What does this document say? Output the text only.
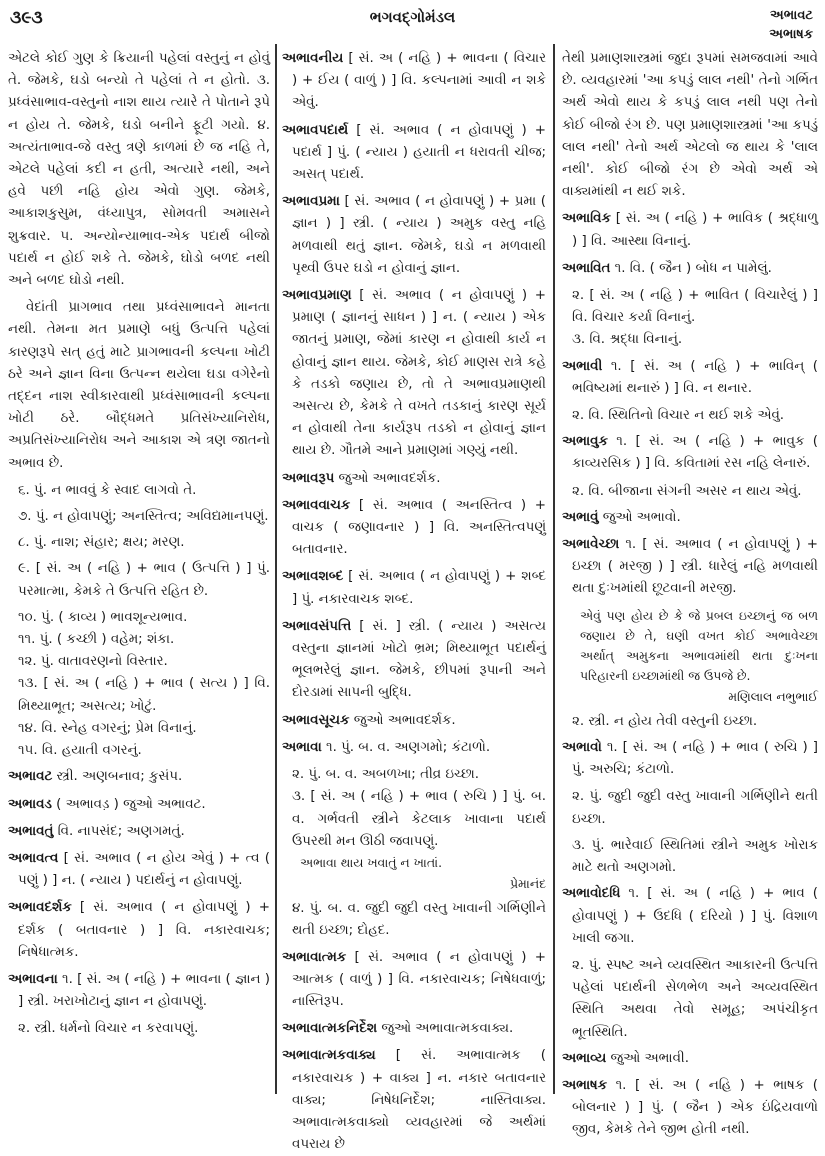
૩૯૩	ભગવદ્ગોમંડલ	અભાવટ
અભાષક
એટલે કોઈ ગુણ કે ક્રિયાની પહેલાં વસ્તુનું ન હોવું તે. જેમકે, ઘડો બન્યો તે પહેલાં તે ન હોતો. ૩. પ્રધ્વંસાભાવ-વસ્તુનો નાશ થાય ત્યારે તે પોતાને રૂપે ન હોય તે. જેમકે, ઘડો બનીને ફૂટી ગયો. ૪. અત્યંતાભાવ-જે વસ્તુ ત્રણે કાળમાં છે જ નહિ તે, એટલે પહેલાં કદી ન હતી, અત્યારે નથી, અને હવે પછી નહિ હોય એવો ગુણ. જેમકે, આકાશકુસુમ, વંધ્યાપુત્ર, સોમવતી અમાસને શુક્રવાર. ૫. અન્યોન્યાભાવ-એક પદાર્થ બીજો પદાર્થ ન હોઈ શકે તે. જેમકે, ઘોડો બળદ નથી અને બળદ ઘોડો નથી.
વેદાંતી પ્રાગભાવ તથા પ્રધ્વંસાભાવને માનતા નથી. તેમના મત પ્રમાણે બધું ઉત્પત્તિ પહેલાં કારણરૂપે સત્ હતું માટે પ્રાગભાવની કલ્પના ખોટી ઠરે અને જ્ઞાન વિના ઉત્પન્ન થયેલા ઘડા વગેરેનો તદ્દન નાશ સ્વીકારવાથી પ્રધ્વંસાભાવની કલ્પના ખોટી ઠરે. બૌદ્ધમતે પ્રતિસંખ્યાનિરોધ, અપ્રતિસંખ્યાનિરોધ અને આકાશ એ ત્રણ જાતનો અભાવ છે.
૬. પું. ન ભાવવું કે સ્વાદ લાગવો તે.
૭. પું. ન હોવાપણું; અનસ્તિત્વ; અવિદ્યમાનપણું.
૮. પું. નાશ; સંહાર; ક્ષય; મરણ.
૯. [ સં. અ ( નહિ ) + ભાવ ( ઉત્પત્તિ ) ] પું. પરમાત્મા, કેમકે તે ઉત્પત્તિ રહિત છે.
૧૦. પું. ( કાવ્ય ) ભાવશૂન્યભાવ.
૧૧. પું. ( કચ્છી ) વહેમ; શંકા.
૧૨. પું. વાતાવરણનો વિસ્તાર.
૧૩. [ સં. અ ( નહિ ) + ભાવ ( સત્ય ) ] વિ. મિથ્યાભૂત; અસત્ય; ખોટું.
૧૪. વિ. સ્નેહ વગરનું; પ્રેમ વિનાનું.
૧૫. વિ. હયાતી વગરનું.
અભાવટ સ્ત્રી. અણબનાવ; કુસંપ.
અભાવડ ( અભાવડ઼ ) જુઓ અભાવટ.
અભાવતું વિ. નાપસંદ; અણગમતું.
અભાવત્વ [ સં. અભાવ ( ન હોય એવું ) + ત્વ ( પણું ) ] ન. ( ન્યાય ) પદાર્થનું ન હોવાપણું.
અભાવદર્શક [ સં. અભાવ ( ન હોવાપણું ) + દર્શક ( બતાવનાર ) ] વિ. નકારવાચક; નિષેધાત્મક.
અભાવના ૧. [ સં. અ ( નહિ ) + ભાવના ( જ્ઞાન ) ] સ્ત્રી. ખરાખોટાનું જ્ઞાન ન હોવાપણું.
૨. સ્ત્રી. ધર્મનો વિચાર ન કરવાપણું.
અભાવનીય [ સં. અ ( નહિ ) + ભાવના ( વિચાર ) + ઈય ( વાળું ) ] વિ. કલ્પનામાં આવી ન શકે એવું.
અભાવપદાર્થ [ સં. અભાવ ( ન હોવાપણું ) + પદાર્થ ] પું. ( ન્યાય ) હયાતી ન ધરાવતી ચીજ; અસત્ પદાર્થ.
અભાવપ્રમા [ સં. અભાવ ( ન હોવાપણું ) + પ્રમા ( જ્ઞાન ) ] સ્ત્રી. ( ન્યાય ) અમુક વસ્તુ નહિ મળવાથી થતું જ્ઞાન. જેમકે, ઘડો ન મળવાથી પૃથ્વી ઉપર ઘડો ન હોવાનું જ્ઞાન.
અભાવપ્રમાણ [ સં. અભાવ ( ન હોવાપણું ) + પ્રમાણ ( જ્ઞાનનું સાધન ) ] ન. ( ન્યાય ) એક જાતનું પ્રમાણ, જેમાં કારણ ન હોવાથી કાર્ય ન હોવાનું જ્ઞાન થાય. જેમકે, કોઈ માણસ રાત્રે કહે કે તડકો જણાય છે, તો તે અભાવપ્રમાણથી અસત્ય છે, કેમકે તે વખતે તડકાનું કારણ સૂર્ય ન હોવાથી તેના કાર્યરૂપ તડકો ન હોવાનું જ્ઞાન થાય છે. ગૌતમે આને પ્રમાણમાં ગણ્યું નથી.
અભાવરૂપ જુઓ અભાવદર્શક.
અભાવવાચક [ સં. અભાવ ( અનસ્તિત્વ ) + વાચક ( જણાવનાર ) ] વિ. અનસ્તિત્વપણું બતાવનાર.
અભાવશબ્દ [ સં. અભાવ ( ન હોવાપણું ) + શબ્દ ] પું. નકારવાચક શબ્દ.
અભાવસંપત્તિ [ સં. ] સ્ત્રી. ( ન્યાય ) અસત્ય વસ્તુના જ્ઞાનમાં ખોટો ભ્રમ; મિથ્યાભૂત પદાર્થનું ભૂલભરેલું જ્ઞાન. જેમકે, છીપમાં રૂપાની અને દોરડામાં સાપની બુદ્ધિ.
અભાવસૂચક જુઓ અભાવદર્શક.
અભાવા ૧. પું. બ. વ. અણગમો; કંટાળો.
૨. પું. બ. વ. અબળખા; તીવ્ર ઇચ્છા.
૩. [ સં. અ ( નહિ ) + ભાવ ( રુચિ ) ] પું. બ. વ. ગર્ભવતી સ્ત્રીને કેટલાક ખાવાના પદાર્થ ઉપરથી મન ઊઠી જવાપણું.
અભાવા થાય ખવાતું ન ખાતાં.
પ્રેમાનંદ
૪. પું. બ. વ. જુદી જુદી વસ્તુ ખાવાની ગર્ભિણીને થતી ઇચ્છા; દોહદ.
અભાવાત્મક [ સં. અભાવ ( ન હોવાપણું ) + આત્મક ( વાળું ) ] વિ. નકારવાચક; નિષેધવાળું; નાસ્તિરૂપ.
અભાવાત્મકનિર્દેશ જુઓ અભાવાત્મકવાક્ય.
અભાવાત્મકવાક્ય [ સં. અભાવાત્મક ( નકારવાચક ) + વાક્ય ] ન. નકાર બતાવનાર વાક્ય; નિષેધનિર્દેશ; નાસ્તિવાક્ય. અભાવાત્મકવાક્યો વ્યવહારમાં જે અર્થમાં વપરાય છે
તેથી પ્રમાણશાસ્ત્રમાં જુદા રૂપમાં સમજવામાં આવે છે. વ્યવહારમાં 'આ કપડું લાલ નથી' તેનો ગર્ભિત અર્થ એવો થાય કે કપડું લાલ નથી પણ તેનો કોઈ બીજો રંગ છે. પણ પ્રમાણશાસ્ત્રમાં 'આ કપડું લાલ નથી' તેનો અર્થ એટલો જ થાય કે 'લાલ નથી'. કોઈ બીજો રંગ છે એવો અર્થ એ વાક્યમાંથી ન થઈ શકે.
અભાવિક [ સં. અ ( નહિ ) + ભાવિક ( શ્રદ્ધાળુ ) ] વિ. આસ્થા વિનાનું.
અભાવિત ૧. વિ. ( જૈન ) બોધ ન પામેલું.
૨. [ સં. અ ( નહિ ) + ભાવિત ( વિચારેલું ) ] વિ. વિચાર કર્યા વિનાનું.
૩. વિ. શ્રદ્ધા વિનાનું.
અભાવી ૧. [ સં. અ ( નહિ ) + ભાવિન્ ( ભવિષ્યમાં થનારું ) ] વિ. ન થનાર.
૨. વિ. સ્થિતિનો વિચાર ન થઈ શકે એવું.
અભાવુક ૧. [ સં. અ ( નહિ ) + ભાવુક ( કાવ્યરસિક ) ] વિ. કવિતામાં રસ નહિ લેનારું.
૨. વિ. બીજાના સંગની અસર ન થાય એવું.
અભાવું જુઓ અભાવો.
અભાવેચ્છા ૧. [ સં. અભાવ ( ન હોવાપણું ) + ઇચ્છા ( મરજી ) ] સ્ત્રી. ધારેલું નહિ મળવાથી થતા દુઃખમાંથી છૂટવાની મરજી.
એવું પણ હોય છે કે જે પ્રબલ ઇચ્છાનું જ બળ જણાય છે તે, ઘણી વખત કોઈ અભાવેચ્છા અર્થાત્ અમુકના અભાવમાંથી થતા દુઃખના પરિહારની ઇચ્છામાંથી જ ઉપજે છે.
મણિલાલ નભુભાઈ
૨. સ્ત્રી. ન હોય તેવી વસ્તુની ઇચ્છા.
અભાવો ૧. [ સં. અ ( નહિ ) + ભાવ ( રુચિ ) ] પું. અરુચિ; કંટાળો.
૨. પું. જુદી જુદી વસ્તુ ખાવાની ગર્ભિણીને થતી ઇચ્છા.
૩. પું. ભારેવાઈ સ્થિતિમાં સ્ત્રીને અમુક ખોરાક માટે થતો અણગમો.
અભાવોદધિ ૧. [ સં. અ ( નહિ ) + ભાવ ( હોવાપણું ) + ઉદધિ ( દરિયો ) ] પું. વિશાળ ખાલી જગા.
૨. પું. સ્પષ્ટ અને વ્યવસ્થિત આકારની ઉત્પત્તિ પહેલાં પદાર્થની સેળભેળ અને અવ્યવસ્થિત સ્થિતિ અથવા તેવો સમૂહ; અપંચીકૃત ભૂતસ્થિતિ.
અભાવ્ય જુઓ અભાવી.
અભાષક ૧. [ સં. અ ( નહિ ) + ભાષક ( બોલનાર ) ] પું. ( જૈન ) એક ઇંદ્રિયવાળો જીવ, કેમકે તેને જીભ હોતી નથી.
